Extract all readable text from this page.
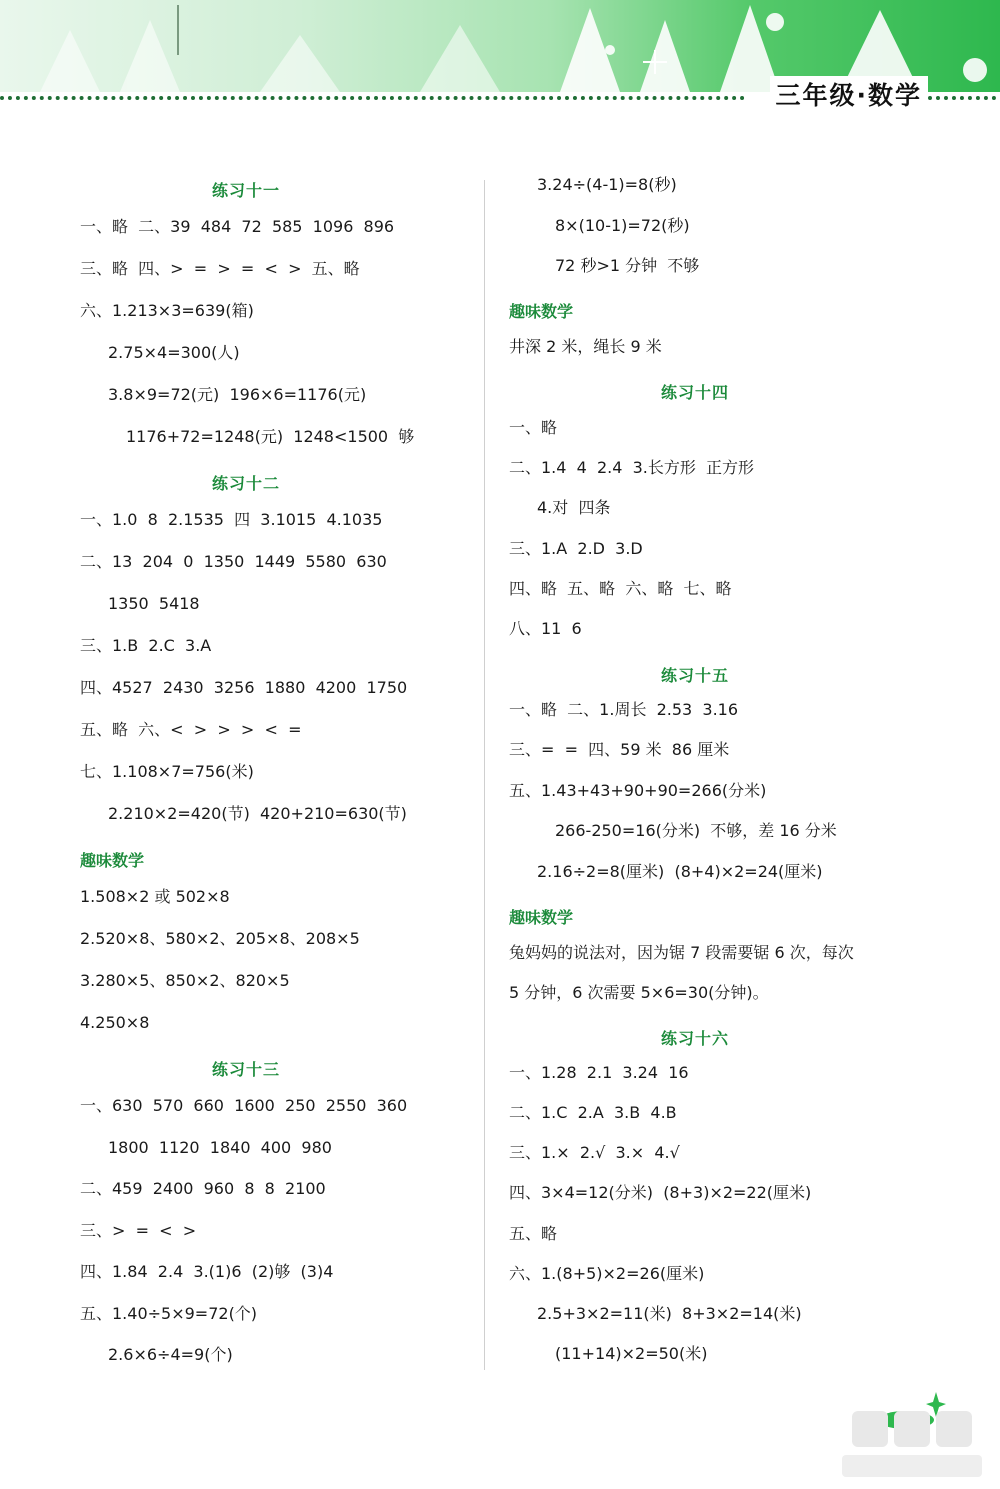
三年级·数学
练习十一
一、略  二、39  484  72  585  1096  896
三、略  四、>  =  >  =  <  >  五、略
六、1.213×3=639(箱)
2.75×4=300(人)
3.8×9=72(元)  196×6=1176(元)
1176+72=1248(元)  1248<1500  够
练习十二
一、1.0  8  2.1535  四  3.1015  4.1035
二、13  204  0  1350  1449  5580  630
1350  5418
三、1.B  2.C  3.A
四、4527  2430  3256  1880  4200  1750
五、略  六、<  >  >  >  <  =
七、1.108×7=756(米)
2.210×2=420(节)  420+210=630(节)
趣味数学
1.508×2 或 502×8
2.520×8、580×2、205×8、208×5
3.280×5、850×2、820×5
4.250×8
练习十三
一、630  570  660  1600  250  2550  360
1800  1120  1840  400  980
二、459  2400  960  8  8  2100
三、>  =  <  >
四、1.84  2.4  3.(1)6  (2)够  (3)4
五、1.40÷5×9=72(个)
2.6×6÷4=9(个)
3.24÷(4-1)=8(秒)
8×(10-1)=72(秒)
72 秒>1 分钟  不够
趣味数学
井深 2 米，绳长 9 米
练习十四
一、略
二、1.4  4  2.4  3.长方形  正方形
4.对  四条
三、1.A  2.D  3.D
四、略  五、略  六、略  七、略
八、11  6
练习十五
一、略  二、1.周长  2.53  3.16
三、=  =  四、59 米  86 厘米
五、1.43+43+90+90=266(分米)
266-250=16(分米)  不够，差 16 分米
2.16÷2=8(厘米)  (8+4)×2=24(厘米)
趣味数学
兔妈妈的说法对，因为锯 7 段需要锯 6 次，每次
5 分钟，6 次需要 5×6=30(分钟)。
练习十六
一、1.28  2.1  3.24  16
二、1.C  2.A  3.B  4.B
三、1.×  2.√  3.×  4.√
四、3×4=12(分米)  (8+3)×2=22(厘米)
五、略
六、1.(8+5)×2=26(厘米)
2.5+3×2=11(米)  8+3×2=14(米)
(11+14)×2=50(米)
